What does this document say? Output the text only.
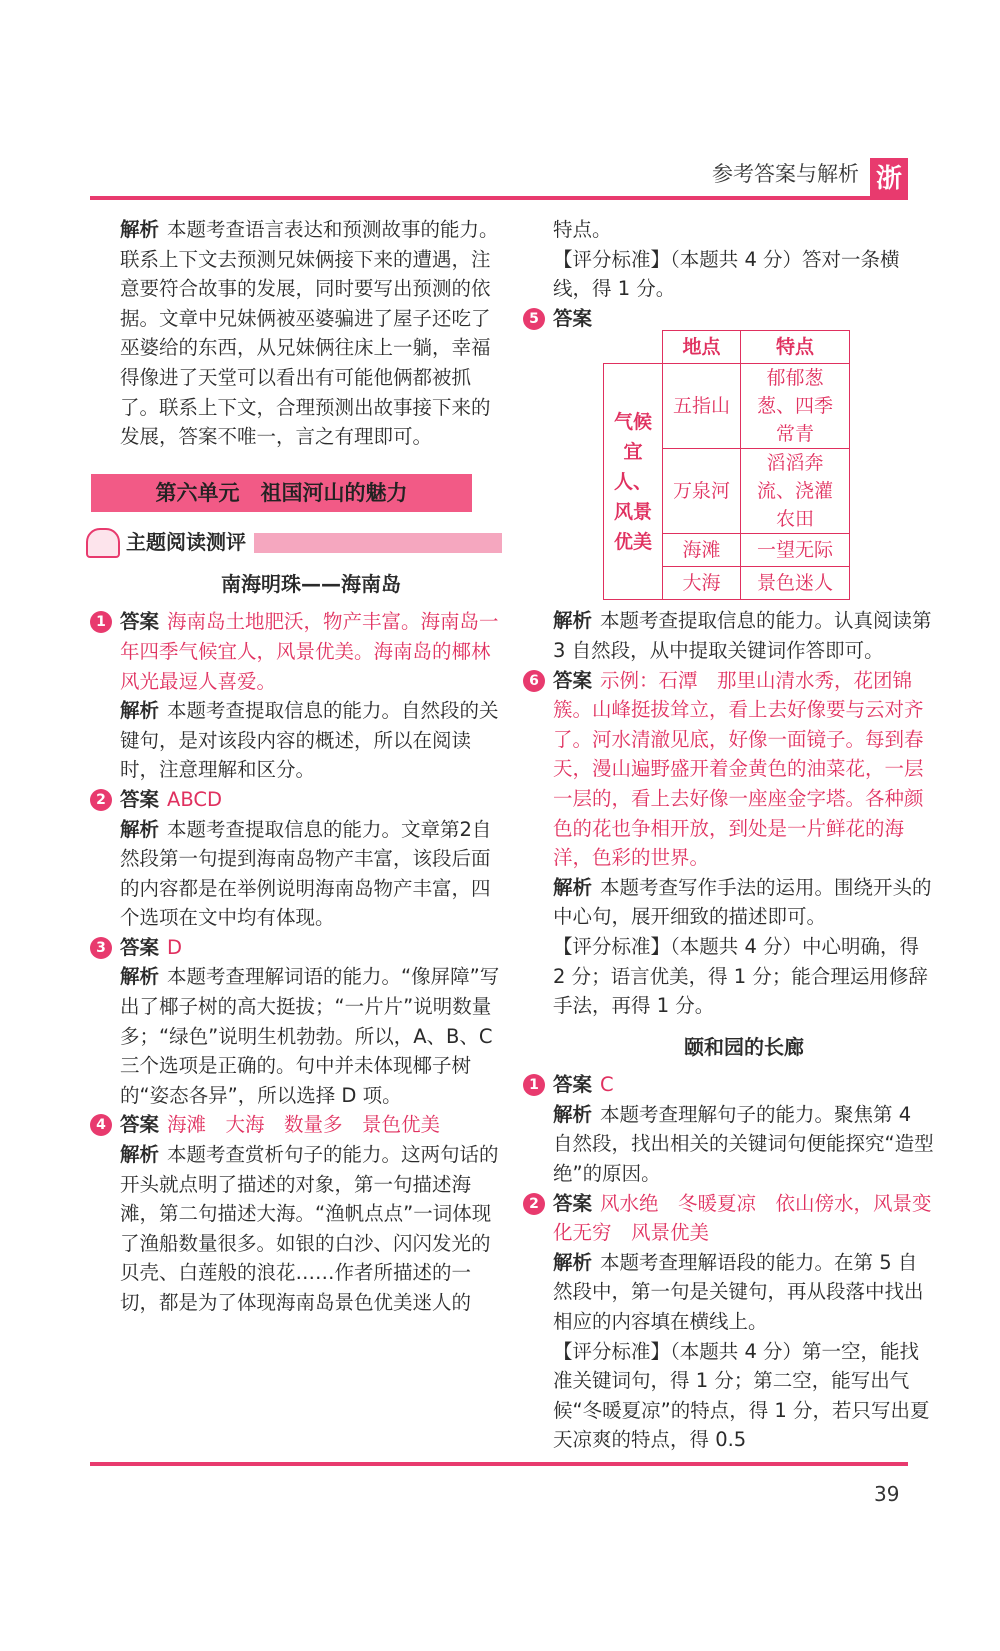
参考答案与解析 浙

解析 本题考查语言表达和预测故事的能力。联系上下文去预测兄妹俩接下来的遭遇，注意要符合故事的发展，同时要写出预测的依据。文章中兄妹俩被巫婆骗进了屋子还吃了巫婆给的东西，从兄妹俩往床上一躺，幸福得像进了天堂可以看出有可能他俩都被抓了。联系上下文，合理预测出故事接下来的发展，答案不唯一，言之有理即可。

第六单元　祖国河山的魅力
主题阅读测评
南海明珠——海南岛

1 答案 海南岛土地肥沃，物产丰富。海南岛一年四季气候宜人，风景优美。海南岛的椰林风光最逗人喜爱。

解析 本题考查提取信息的能力。自然段的关键句，是对该段内容的概述，所以在阅读时，注意理解和区分。

2 答案 ABCD

解析 本题考查提取信息的能力。文章第2自然段第一句提到海南岛物产丰富，该段后面的内容都是在举例说明海南岛物产丰富，四个选项在文中均有体现。

3 答案 D

解析 本题考查理解词语的能力。“像屏障”写出了椰子树的高大挺拔；“一片片”说明数量多；“绿色”说明生机勃勃。所以，A、B、C 三个选项是正确的。句中并未体现椰子树的“姿态各异”，所以选择 D 项。

4 答案 海滩　大海　数量多　景色优美

解析 本题考查赏析句子的能力。这两句话的开头就点明了描述的对象，第一句描述海滩，第二句描述大海。“渔帆点点”一词体现了渔船数量很多。如银的白沙、闪闪发光的贝壳、白莲般的浪花……作者所描述的一切，都是为了体现海南岛景色优美迷人的

特点。

【评分标准】（本题共 4 分）答对一条横线，得 1 分。

5 答案

	地点	特点
气候宜人、风景优美	五指山	郁郁葱葱、四季常青
	万泉河	滔滔奔流、浇灌农田
	海滩	一望无际
	大海	景色迷人

解析 本题考查提取信息的能力。认真阅读第 3 自然段，从中提取关键词作答即可。

6 答案 示例：石潭　那里山清水秀，花团锦簇。山峰挺拔耸立，看上去好像要与云对齐了。河水清澈见底，好像一面镜子。每到春天，漫山遍野盛开着金黄色的油菜花，一层一层的，看上去好像一座座金字塔。各种颜色的花也争相开放，到处是一片鲜花的海洋，色彩的世界。

解析 本题考查写作手法的运用。围绕开头的中心句，展开细致的描述即可。

【评分标准】（本题共 4 分）中心明确，得 2 分；语言优美，得 1 分；能合理运用修辞手法，再得 1 分。

颐和园的长廊

1 答案 C

解析 本题考查理解句子的能力。聚焦第 4 自然段，找出相关的关键词句便能探究“造型绝”的原因。

2 答案 风水绝　冬暖夏凉　依山傍水，风景变化无穷　风景优美

解析 本题考查理解语段的能力。在第 5 自然段中，第一句是关键句，再从段落中找出相应的内容填在横线上。

【评分标准】（本题共 4 分）第一空，能找准关键词句，得 1 分；第二空，能写出气候“冬暖夏凉”的特点，得 1 分，若只写出夏天凉爽的特点，得 0.5

39
